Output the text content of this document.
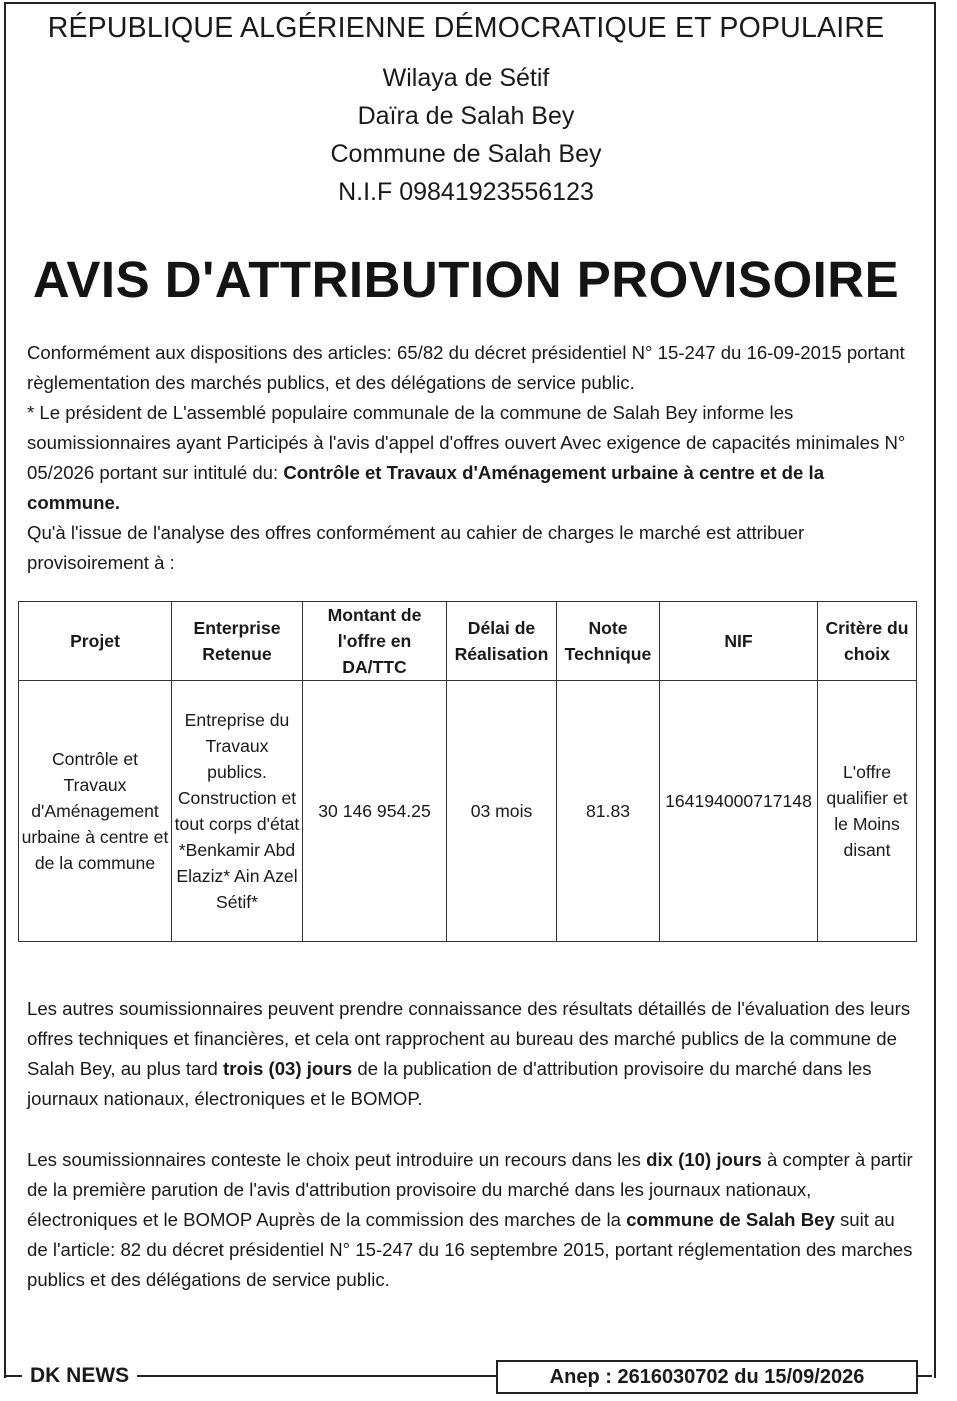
RÉPUBLIQUE ALGÉRIENNE DÉMOCRATIQUE ET POPULAIRE
Wilaya de Sétif
Daïra de Salah Bey
Commune de Salah Bey
N.I.F 09841923556123
AVIS D'ATTRIBUTION PROVISOIRE
Conformément aux dispositions des articles: 65/82 du décret présidentiel N° 15-247 du 16-09-2015 portant règlementation des marchés publics, et des délégations de service public.
* Le président de L'assemblé populaire communale de la commune de Salah Bey informe les soumissionnaires ayant Participés à l'avis d'appel d'offres ouvert Avec exigence de capacités minimales N° 05/2026 portant sur intitulé du: Contrôle et Travaux d'Aménagement urbaine à centre et de la commune.
Qu'à l'issue de l'analyse des offres conformément au cahier de charges le marché est attribuer provisoirement à :
Projet	Enterprise Retenue	Montant de l'offre en DA/TTC	Délai de Réalisation	Note Technique	NIF	Critère du choix
Contrôle et Travaux d'Aménagement urbaine à centre et de la commune	Entreprise du Travaux publics. Construction et tout corps d'état *Benkamir Abd Elaziz* Ain Azel Sétif*	30 146 954.25	03 mois	81.83	164194000717148	L'offre qualifier et le Moins disant
Les autres soumissionnaires peuvent prendre connaissance des résultats détaillés de l'évaluation des leurs offres techniques et financières, et cela ont rapprochent au bureau des marché publics de la commune de Salah Bey, au plus tard trois (03) jours de la publication de d'attribution provisoire du marché dans les journaux nationaux, électroniques et le BOMOP.
Les soumissionnaires conteste le choix peut introduire un recours dans les dix (10) jours à compter à partir de la première parution de l'avis d'attribution provisoire du marché dans les journaux nationaux, électroniques et le BOMOP Auprès de la commission des marches de la commune de Salah Bey suit au de l'article: 82 du décret présidentiel N° 15-247 du 16 septembre 2015, portant réglementation des marches publics et des délégations de service public.
DK NEWS	Anep : 2616030702 du 15/09/2026
